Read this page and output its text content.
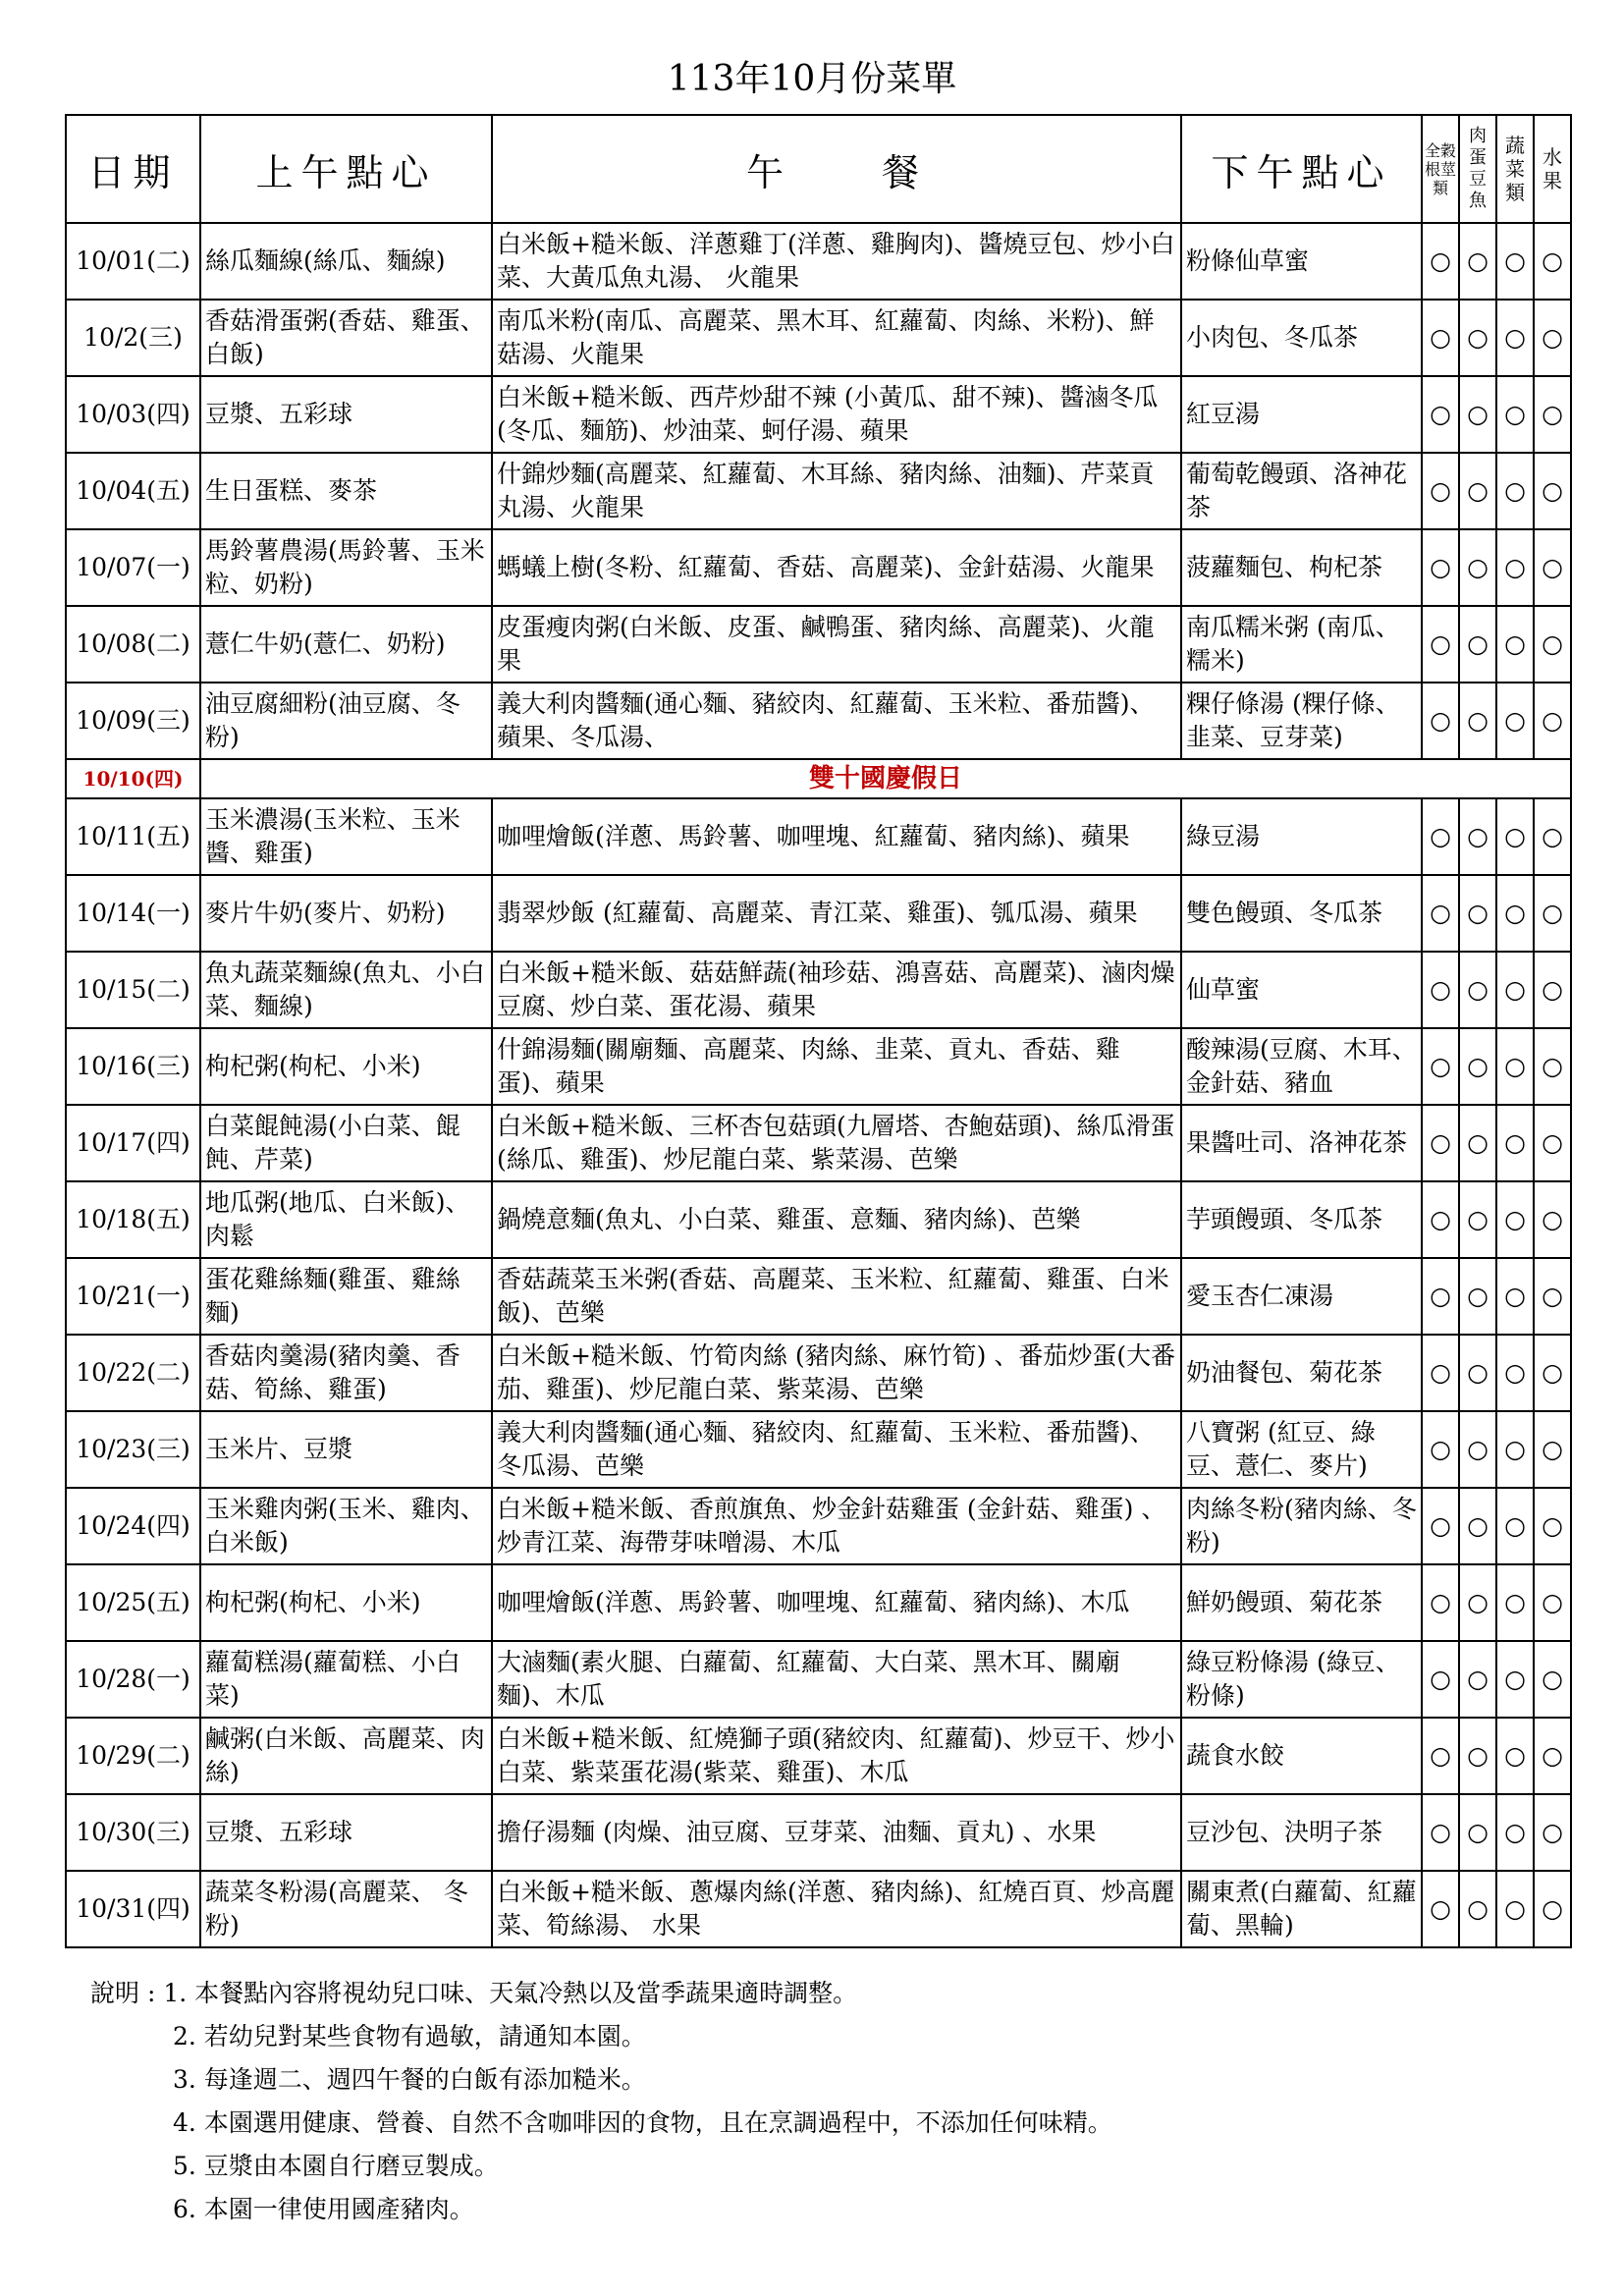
113年10月份菜單
日期	上午點心	午　　餐	下午點心	全穀根莖類	肉蛋豆魚	蔬菜類	水果
10/01(二)	絲瓜麵線(絲瓜、麵線)	白米飯+糙米飯、洋蔥雞丁(洋蔥、雞胸肉)、醬燒豆包、炒小白菜、大黃瓜魚丸湯、 火龍果	粉條仙草蜜	○	○	○	○
10/2(三)	香菇滑蛋粥(香菇、雞蛋、白飯)	南瓜米粉(南瓜、高麗菜、黑木耳、紅蘿蔔、肉絲、米粉)、鮮菇湯、火龍果	小肉包、冬瓜茶	○	○	○	○
10/03(四)	豆漿、五彩球	白米飯+糙米飯、西芹炒甜不辣 (小黃瓜、甜不辣)、醬滷冬瓜(冬瓜、麵筋)、炒油菜、蚵仔湯、蘋果	紅豆湯	○	○	○	○
10/04(五)	生日蛋糕、麥茶	什錦炒麵(高麗菜、紅蘿蔔、木耳絲、豬肉絲、油麵)、芹菜貢丸湯、火龍果	葡萄乾饅頭、洛神花茶	○	○	○	○
10/07(一)	馬鈴薯農湯(馬鈴薯、玉米粒、奶粉)	螞蟻上樹(冬粉、紅蘿蔔、香菇、高麗菜)、金針菇湯、火龍果	菠蘿麵包、枸杞茶	○	○	○	○
10/08(二)	薏仁牛奶(薏仁、奶粉)	皮蛋瘦肉粥(白米飯、皮蛋、鹹鴨蛋、豬肉絲、高麗菜)、火龍果	南瓜糯米粥 (南瓜、糯米)	○	○	○	○
10/09(三)	油豆腐細粉(油豆腐、冬粉)	義大利肉醬麵(通心麵、豬絞肉、紅蘿蔔、玉米粒、番茄醬)、蘋果、冬瓜湯、	粿仔條湯 (粿仔條、韭菜、豆芽菜)	○	○	○	○
10/10(四)	雙十國慶假日						
10/11(五)	玉米濃湯(玉米粒、玉米醬、雞蛋)	咖哩燴飯(洋蔥、馬鈴薯、咖哩塊、紅蘿蔔、豬肉絲)、蘋果	綠豆湯	○	○	○	○
10/14(一)	麥片牛奶(麥片、奶粉)	翡翠炒飯 (紅蘿蔔、高麗菜、青江菜、雞蛋)、瓠瓜湯、蘋果	雙色饅頭、冬瓜茶	○	○	○	○
10/15(二)	魚丸蔬菜麵線(魚丸、小白菜、麵線)	白米飯+糙米飯、菇菇鮮蔬(袖珍菇、鴻喜菇、高麗菜)、滷肉燥豆腐、炒白菜、蛋花湯、蘋果	仙草蜜	○	○	○	○
10/16(三)	枸杞粥(枸杞、小米)	什錦湯麵(關廟麵、高麗菜、肉絲、韭菜、貢丸、香菇、雞蛋)、蘋果	酸辣湯(豆腐、木耳、金針菇、豬血	○	○	○	○
10/17(四)	白菜餛飩湯(小白菜、餛飩、芹菜)	白米飯+糙米飯、三杯杏包菇頭(九層塔、杏鮑菇頭)、絲瓜滑蛋(絲瓜、雞蛋)、炒尼龍白菜、紫菜湯、芭樂	果醬吐司、洛神花茶	○	○	○	○
10/18(五)	地瓜粥(地瓜、白米飯)、肉鬆	鍋燒意麵(魚丸、小白菜、雞蛋、意麵、豬肉絲)、芭樂	芋頭饅頭、冬瓜茶	○	○	○	○
10/21(一)	蛋花雞絲麵(雞蛋、雞絲麵)	香菇蔬菜玉米粥(香菇、高麗菜、玉米粒、紅蘿蔔、雞蛋、白米飯)、芭樂	愛玉杏仁凍湯	○	○	○	○
10/22(二)	香菇肉羹湯(豬肉羹、香菇、筍絲、雞蛋)	白米飯+糙米飯、竹筍肉絲 (豬肉絲、麻竹筍) 、番茄炒蛋(大番茄、雞蛋)、炒尼龍白菜、紫菜湯、芭樂	奶油餐包、菊花茶	○	○	○	○
10/23(三)	玉米片、豆漿	義大利肉醬麵(通心麵、豬絞肉、紅蘿蔔、玉米粒、番茄醬)、冬瓜湯、芭樂	八寶粥 (紅豆、綠豆、薏仁、麥片)	○	○	○	○
10/24(四)	玉米雞肉粥(玉米、雞肉、白米飯)	白米飯+糙米飯、香煎旗魚、炒金針菇雞蛋 (金針菇、雞蛋) 、炒青江菜、海帶芽味噌湯、木瓜	肉絲冬粉(豬肉絲、冬粉)	○	○	○	○
10/25(五)	枸杞粥(枸杞、小米)	咖哩燴飯(洋蔥、馬鈴薯、咖哩塊、紅蘿蔔、豬肉絲)、木瓜	鮮奶饅頭、菊花茶	○	○	○	○
10/28(一)	蘿蔔糕湯(蘿蔔糕、小白菜)	大滷麵(素火腿、白蘿蔔、紅蘿蔔、大白菜、黑木耳、關廟麵)、木瓜	綠豆粉條湯 (綠豆、粉條)	○	○	○	○
10/29(二)	鹹粥(白米飯、高麗菜、肉絲)	白米飯+糙米飯、紅燒獅子頭(豬絞肉、紅蘿蔔)、炒豆干、炒小白菜、紫菜蛋花湯(紫菜、雞蛋)、木瓜	蔬食水餃	○	○	○	○
10/30(三)	豆漿、五彩球	擔仔湯麵 (肉燥、油豆腐、豆芽菜、油麵、貢丸) 、水果	豆沙包、決明子茶	○	○	○	○
10/31(四)	蔬菜冬粉湯(高麗菜、 冬粉)	白米飯+糙米飯、蔥爆肉絲(洋蔥、豬肉絲)、紅燒百頁、炒高麗菜、筍絲湯、 水果	關東煮(白蘿蔔、紅蘿蔔、黑輪)	○	○	○	○
說明 : 1. 本餐點內容將視幼兒口味、天氣冷熱以及當季蔬果適時調整。
2. 若幼兒對某些食物有過敏，請通知本園。
3. 每逢週二、週四午餐的白飯有添加糙米。
4. 本園選用健康、營養、自然不含咖啡因的食物，且在烹調過程中，不添加任何味精。
5. 豆漿由本園自行磨豆製成。
6. 本園一律使用國產豬肉。
